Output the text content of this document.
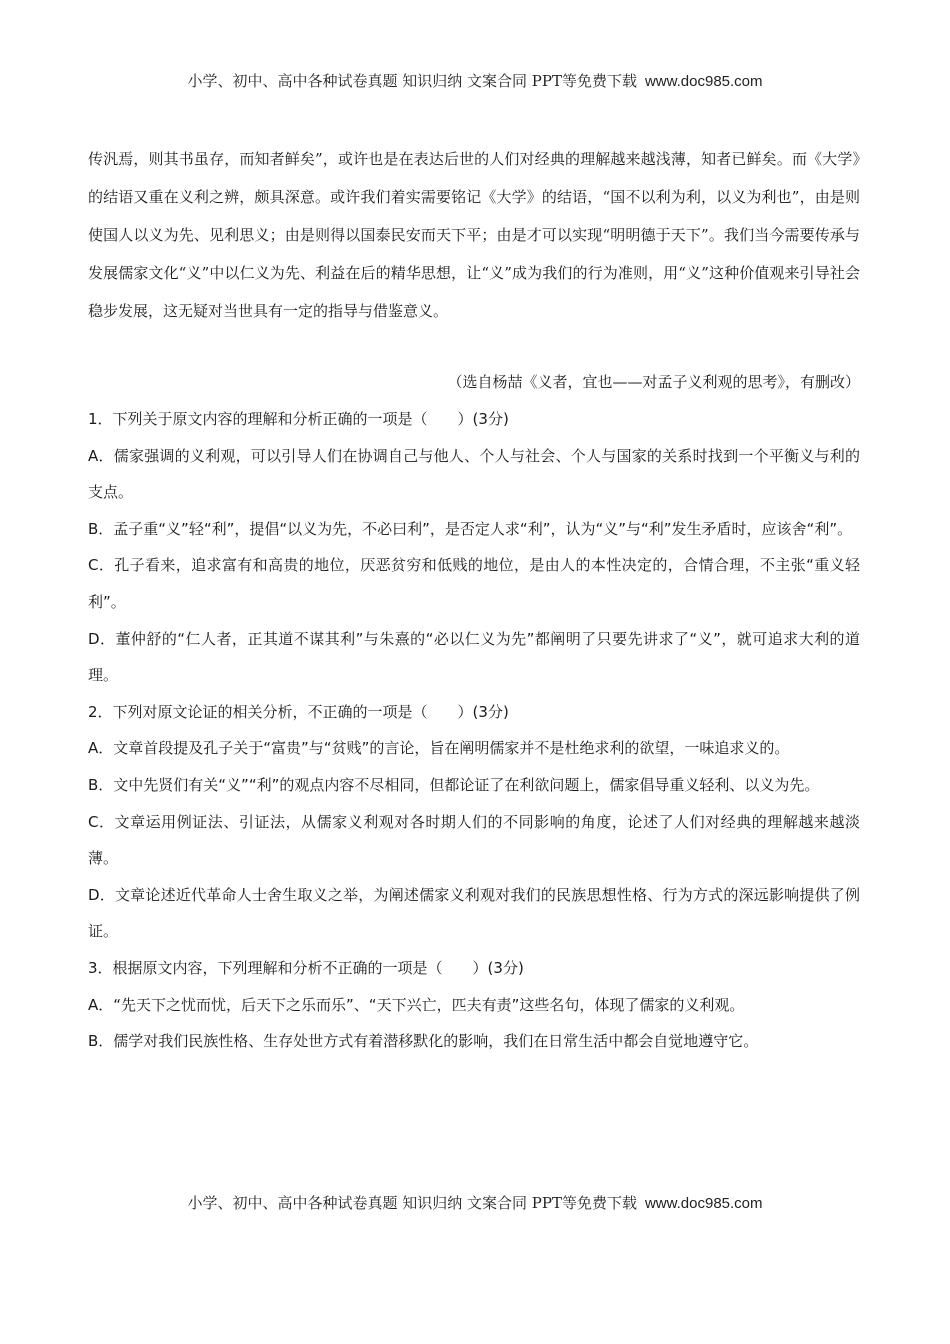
小学、初中、高中各种试卷真题 知识归纳 文案合同 PPT等免费下载 www.doc985.com

传汎焉，则其书虽存，而知者鲜矣”，或许也是在表达后世的人们对经典的理解越来越浅薄，知者已鲜矣。而《大学》的结语又重在义利之辨，颇具深意。或许我们着实需要铭记《大学》的结语，“国不以利为利，以义为利也”，由是则使国人以义为先、见利思义；由是则得以国泰民安而天下平；由是才可以实现“明明德于天下”。我们当今需要传承与发展儒家文化“义”中以仁义为先、利益在后的精华思想，让“义”成为我们的行为准则，用“义”这种价值观来引导社会稳步发展，这无疑对当世具有一定的指导与借鉴意义。

（选自杨喆《义者，宜也——对孟子义利观的思考》，有删改）

1．下列关于原文内容的理解和分析正确的一项是（　　）(3分)

A．儒家强调的义利观，可以引导人们在协调自己与他人、个人与社会、个人与国家的关系时找到一个平衡义与利的支点。

B．孟子重“义”轻“利”，提倡“以义为先，不必曰利”，是否定人求“利”，认为“义”与“利”发生矛盾时，应该舍“利”。

C．孔子看来，追求富有和高贵的地位，厌恶贫穷和低贱的地位，是由人的本性决定的，合情合理，不主张“重义轻利”。

D．董仲舒的“仁人者，正其道不谋其利”与朱熹的“必以仁义为先”都阐明了只要先讲求了“义”，就可追求大利的道理。

2．下列对原文论证的相关分析，不正确的一项是（　　）(3分)

A．文章首段提及孔子关于“富贵”与“贫贱”的言论，旨在阐明儒家并不是杜绝求利的欲望，一味追求义的。

B．文中先贤们有关“义”“利”的观点内容不尽相同，但都论证了在利欲问题上，儒家倡导重义轻利、以义为先。

C．文章运用例证法、引证法，从儒家义利观对各时期人们的不同影响的角度，论述了人们对经典的理解越来越淡薄。

D．文章论述近代革命人士舍生取义之举，为阐述儒家义利观对我们的民族思想性格、行为方式的深远影响提供了例证。

3．根据原文内容，下列理解和分析不正确的一项是（　　）(3分)

A．“先天下之忧而忧，后天下之乐而乐”、“天下兴亡，匹夫有责”这些名句，体现了儒家的义利观。

B．儒学对我们民族性格、生存处世方式有着潜移默化的影响，我们在日常生活中都会自觉地遵守它。

小学、初中、高中各种试卷真题 知识归纳 文案合同 PPT等免费下载 www.doc985.com
